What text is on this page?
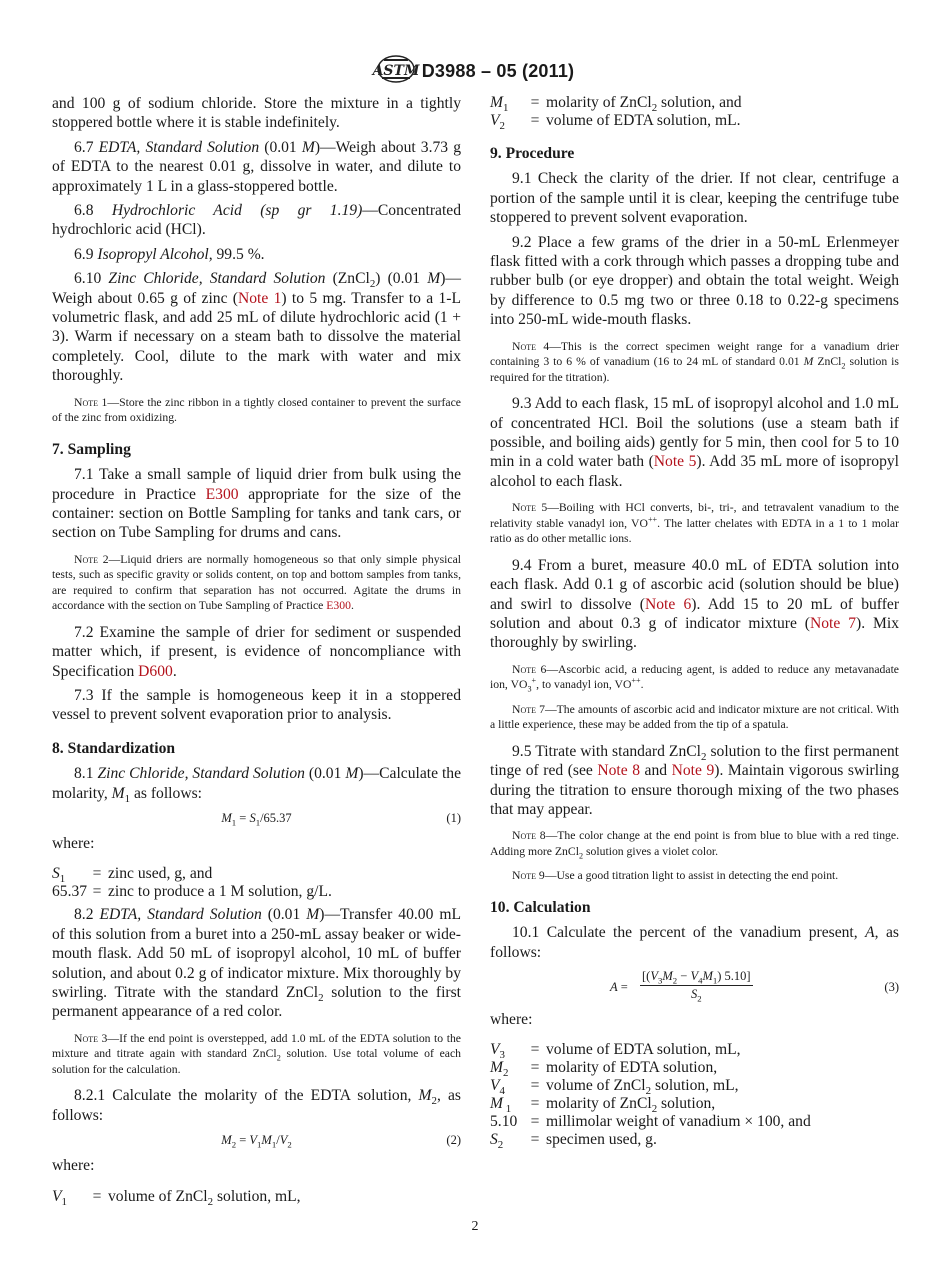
ASTM D3988 – 05 (2011)

and 100 g of sodium chloride. Store the mixture in a tightly stoppered bottle where it is stable indefinitely.

6.7 EDTA, Standard Solution (0.01 M)—Weigh about 3.73 g of EDTA to the nearest 0.01 g, dissolve in water, and dilute to approximately 1 L in a glass-stoppered bottle.

6.8 Hydrochloric Acid (sp gr 1.19)—Concentrated hydrochloric acid (HCl).

6.9 Isopropyl Alcohol, 99.5 %.

6.10 Zinc Chloride, Standard Solution (ZnCl$_2$) (0.01 M)—Weigh about 0.65 g of zinc (Note 1) to 5 mg. Transfer to a 1-L volumetric flask, and add 25 mL of dilute hydrochloric acid (1 + 3). Warm if necessary on a steam bath to dissolve the material completely. Cool, dilute to the mark with water and mix thoroughly.

Note 1—Store the zinc ribbon in a tightly closed container to prevent the surface of the zinc from oxidizing.

7. Sampling

7.1 Take a small sample of liquid drier from bulk using the procedure in Practice E300 appropriate for the size of the container: section on Bottle Sampling for tanks and tank cars, or section on Tube Sampling for drums and cans.

Note 2—Liquid driers are normally homogeneous so that only simple physical tests, such as specific gravity or solids content, on top and bottom samples from tanks, are required to confirm that separation has not occurred. Agitate the drums in accordance with the section on Tube Sampling of Practice E300.

7.2 Examine the sample of drier for sediment or suspended matter which, if present, is evidence of noncompliance with Specification D600.

7.3 If the sample is homogeneous keep it in a stoppered vessel to prevent solvent evaporation prior to analysis.

8. Standardization

8.1 Zinc Chloride, Standard Solution (0.01 M)—Calculate the molarity, $M_1$ as follows:

$M_1 = S_1/65.37$	(1)
where:
$S_1$	= zinc used, g, and
65.37 = zinc to produce a 1 M solution, g/L.

8.2 EDTA, Standard Solution (0.01 M)—Transfer 40.00 mL of this solution from a buret into a 250-mL assay beaker or wide-mouth flask. Add 50 mL of isopropyl alcohol, 10 mL of buffer solution, and about 0.2 g of indicator mixture. Mix thoroughly by swirling. Titrate with the standard ZnCl$_2$ solution to the first permanent appearance of a red color.

Note 3—If the end point is overstepped, add 1.0 mL of the EDTA solution to the mixture and titrate again with standard ZnCl$_2$ solution. Use total volume of each solution for the calculation.

8.2.1 Calculate the molarity of the EDTA solution, $M_2$, as follows:

$M_2 = V_1M_1/V_2$	(2)
where:
$V_1$	= volume of ZnCl$_2$ solution, mL,
$M_1$	= molarity of ZnCl$_2$ solution, and
$V_2$	= volume of EDTA solution, mL.
9. Procedure

9.1 Check the clarity of the drier. If not clear, centrifuge a portion of the sample until it is clear, keeping the centrifuge tube stoppered to prevent solvent evaporation.

9.2 Place a few grams of the drier in a 50-mL Erlenmeyer flask fitted with a cork through which passes a dropping tube and rubber bulb (or eye dropper) and obtain the total weight. Weigh by difference to 0.5 mg two or three 0.18 to 0.22-g specimens into 250-mL wide-mouth flasks.

Note 4—This is the correct specimen weight range for a vanadium drier containing 3 to 6 % of vanadium (16 to 24 mL of standard 0.01 M ZnCl$_2$ solution is required for the titration).

9.3 Add to each flask, 15 mL of isopropyl alcohol and 1.0 mL of concentrated HCl. Boil the solutions (use a steam bath if possible, and boiling aids) gently for 5 min, then cool for 5 to 10 min in a cold water bath (Note 5). Add 35 mL more of isopropyl alcohol to each flask.

Note 5—Boiling with HCl converts, bi-, tri-, and tetravalent vanadium to the relativity stable vanadyl ion, VO++. The latter chelates with EDTA in a 1 to 1 molar ratio as do other metallic ions.

9.4 From a buret, measure 40.0 mL of EDTA solution into each flask. Add 0.1 g of ascorbic acid (solution should be blue) and swirl to dissolve (Note 6). Add 15 to 20 mL of buffer solution and about 0.3 g of indicator mixture (Note 7). Mix thoroughly by swirling.

Note 6—Ascorbic acid, a reducing agent, is added to reduce any metavanadate ion, $VO_3^+$, to vanadyl ion, VO++.

Note 7—The amounts of ascorbic acid and indicator mixture are not critical. With a little experience, these may be added from the tip of a spatula.

9.5 Titrate with standard ZnCl$_2$ solution to the first permanent tinge of red (see Note 8 and Note 9). Maintain vigorous swirling during the titration to ensure thorough mixing of the two phases that may appear.

Note 8—The color change at the end point is from blue to blue with a red tinge. Adding more ZnCl$_2$ solution gives a violet color.

Note 9—Use a good titration light to assist in detecting the end point.

10. Calculation

10.1 Calculate the percent of the vanadium present, A, as follows:

$A = \frac{[(V_3M_2 - V_4M_1) 5.10]}{S_2}$	(3)
where:
$V_3$	= volume of EDTA solution, mL,
$M_2$	= molarity of EDTA solution,
$V_4$	= volume of ZnCl$_2$ solution, mL,
M $_1$	= molarity of ZnCl$_2$ solution,
5.10 = millimolar weight of vanadium × 100, and
$S_2$	= specimen used, g.
2
